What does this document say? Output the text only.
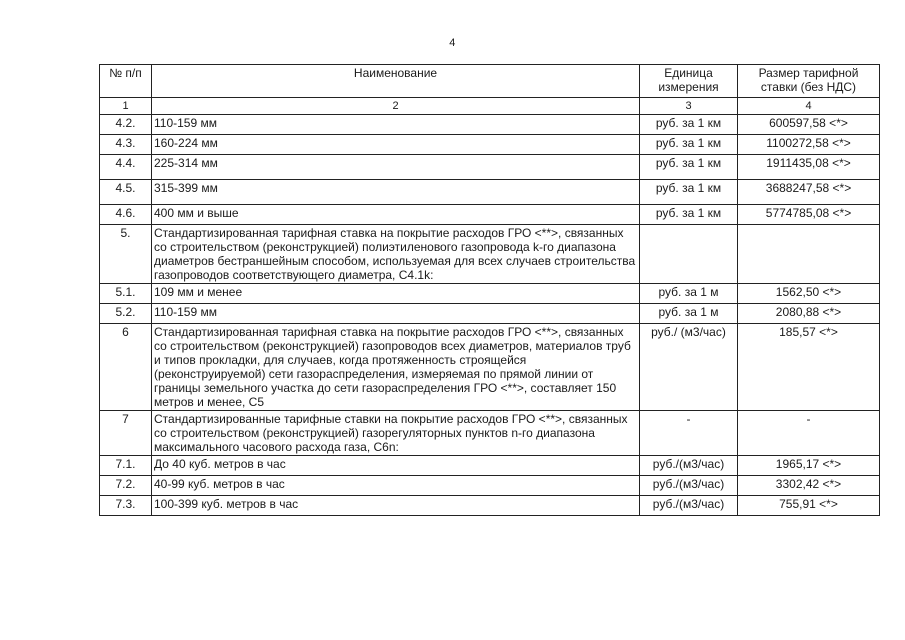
4
№ п/п	Наименование	Единица измерения	Размер тарифной ставки (без НДС)
1	2	3	4
4.2.	110-159 мм	руб. за 1 км	600597,58 <*>
4.3.	160-224 мм	руб. за 1 км	1100272,58 <*>
4.4.	225-314 мм	руб. за 1 км	1911435,08 <*>
4.5.	315-399 мм	руб. за 1 км	3688247,58 <*>
4.6.	400 мм и выше	руб. за 1 км	5774785,08 <*>
5.	Стандартизированная тарифная ставка на покрытие расходов ГРО <**>, связанных со строительством (реконструкцией) полиэтиленового газопровода k-го диапазона диаметров бестраншейным способом, используемая для всех случаев строительства газопроводов соответствующего диаметра, С4.1k:		
5.1.	109 мм и менее	руб. за 1 м	1562,50 <*>
5.2.	110-159 мм	руб. за 1 м	2080,88 <*>
6	Стандартизированная тарифная ставка на покрытие расходов ГРО <**>, связанных со строительством (реконструкцией) газопроводов всех диаметров, материалов труб и типов прокладки, для случаев, когда протяженность строящейся (реконструируемой) сети газораспределения, измеряемая по прямой линии от границы земельного участка до сети газораспределения ГРО <**>, составляет 150 метров и менее, С5	руб./ (м3/час)	185,57 <*>
7	Стандартизированные тарифные ставки на покрытие расходов ГРО <**>, связанных со строительством (реконструкцией) газорегуляторных пунктов n-го диапазона максимального часового расхода газа, С6n:	-	-
7.1.	До 40 куб. метров в час	руб./(м3/час)	1965,17 <*>
7.2.	40-99 куб. метров в час	руб./(м3/час)	3302,42 <*>
7.3.	100-399 куб. метров в час	руб./(м3/час)	755,91 <*>
